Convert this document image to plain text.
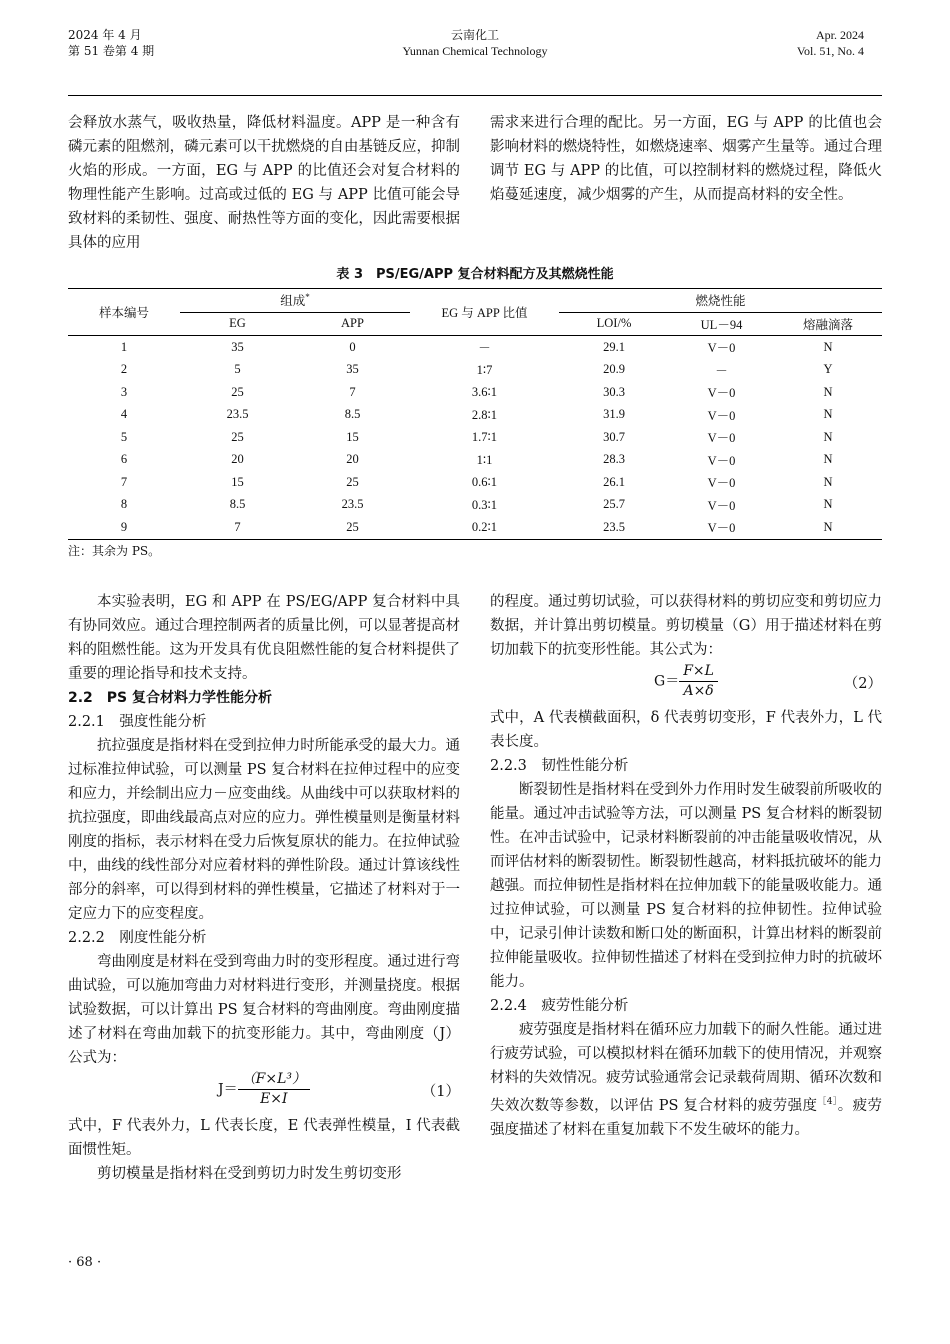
2024 年 4 月
第 51 卷第 4 期
云南化工
Yunnan Chemical Technology
Apr. 2024
Vol. 51, No. 4

会释放水蒸气，吸收热量，降低材料温度。APP 是一种含有磷元素的阻燃剂，磷元素可以干扰燃烧的自由基链反应，抑制火焰的形成。一方面，EG 与 APP 的比值还会对复合材料的物理性能产生影响。过高或过低的 EG 与 APP 比值可能会导致材料的柔韧性、强度、耐热性等方面的变化，因此需要根据具体的应用

需求来进行合理的配比。另一方面，EG 与 APP 的比值也会影响材料的燃烧特性，如燃烧速率、烟雾产生量等。通过合理调节 EG 与 APP 的比值，可以控制材料的燃烧过程，降低火焰蔓延速度，减少烟雾的产生，从而提高材料的安全性。

表 3　PS/EG/APP 复合材料配方及其燃烧性能
样本编号	组成*		EG 与 APP 比值	燃烧性能		
	EG	APP		LOI/%	UL－94	熔融滴落
1	35	0	－	29.1	V－0	N
2	5	35	1∶7	20.9	－	Y
3	25	7	3.6∶1	30.3	V－0	N
4	23.5	8.5	2.8∶1	31.9	V－0	N
5	25	15	1.7∶1	30.7	V－0	N
6	20	20	1∶1	28.3	V－0	N
7	15	25	0.6∶1	26.1	V－0	N
8	8.5	23.5	0.3∶1	25.7	V－0	N
9	7	25	0.2∶1	23.5	V－0	N
注：其余为 PS。

本实验表明，EG 和 APP 在 PS/EG/APP 复合材料中具有协同效应。通过合理控制两者的质量比例，可以显著提高材料的阻燃性能。这为开发具有优良阻燃性能的复合材料提供了重要的理论指导和技术支持。

2.2　PS 复合材料力学性能分析

2.2.1　强度性能分析

抗拉强度是指材料在受到拉伸力时所能承受的最大力。通过标准拉伸试验，可以测量 PS 复合材料在拉伸过程中的应变和应力，并绘制出应力－应变曲线。从曲线中可以获取材料的抗拉强度，即曲线最高点对应的应力。弹性模量则是衡量材料刚度的指标，表示材料在受力后恢复原状的能力。在拉伸试验中，曲线的线性部分对应着材料的弹性阶段。通过计算该线性部分的斜率，可以得到材料的弹性模量，它描述了材料对于一定应力下的应变程度。

2.2.2　刚度性能分析

弯曲刚度是材料在受到弯曲力时的变形程度。通过进行弯曲试验，可以施加弯曲力对材料进行变形，并测量挠度。根据试验数据，可以计算出 PS 复合材料的弯曲刚度。弯曲刚度描述了材料在弯曲加载下的抗变形能力。其中，弯曲刚度（J）公式为：

$J= \frac{\text{（F×L³）}}{E\times I}$	（1）

式中，F 代表外力，L 代表长度，E 代表弹性模量，I 代表截面惯性矩。

剪切模量是指材料在受到剪切力时发生剪切变形

的程度。通过剪切试验，可以获得材料的剪切应变和剪切应力数据，并计算出剪切模量。剪切模量（G）用于描述材料在剪切加载下的抗变形性能。其公式为：

$G= \frac{F\times L}{A\times\delta}$	（2）

式中，A 代表横截面积，δ 代表剪切变形，F 代表外力，L 代表长度。

2.2.3　韧性性能分析

断裂韧性是指材料在受到外力作用时发生破裂前所吸收的能量。通过冲击试验等方法，可以测量 PS 复合材料的断裂韧性。在冲击试验中，记录材料断裂前的冲击能量吸收情况，从而评估材料的断裂韧性。断裂韧性越高，材料抵抗破坏的能力越强。而拉伸韧性是指材料在拉伸加载下的能量吸收能力。通过拉伸试验，可以测量 PS 复合材料的拉伸韧性。拉伸试验中，记录引伸计读数和断口处的断面积，计算出材料的断裂前拉伸能量吸收。拉伸韧性描述了材料在受到拉伸力时的抗破坏能力。

2.2.4　疲劳性能分析

疲劳强度是指材料在循环应力加载下的耐久性能。通过进行疲劳试验，可以模拟材料在循环加载下的使用情况，并观察材料的失效情况。疲劳试验通常会记录载荷周期、循环次数和失效次数等参数，以评估 PS 复合材料的疲劳强度$^{[4]}$。疲劳强度描述了材料在重复加载下不发生破坏的能力。

· 68 ·
